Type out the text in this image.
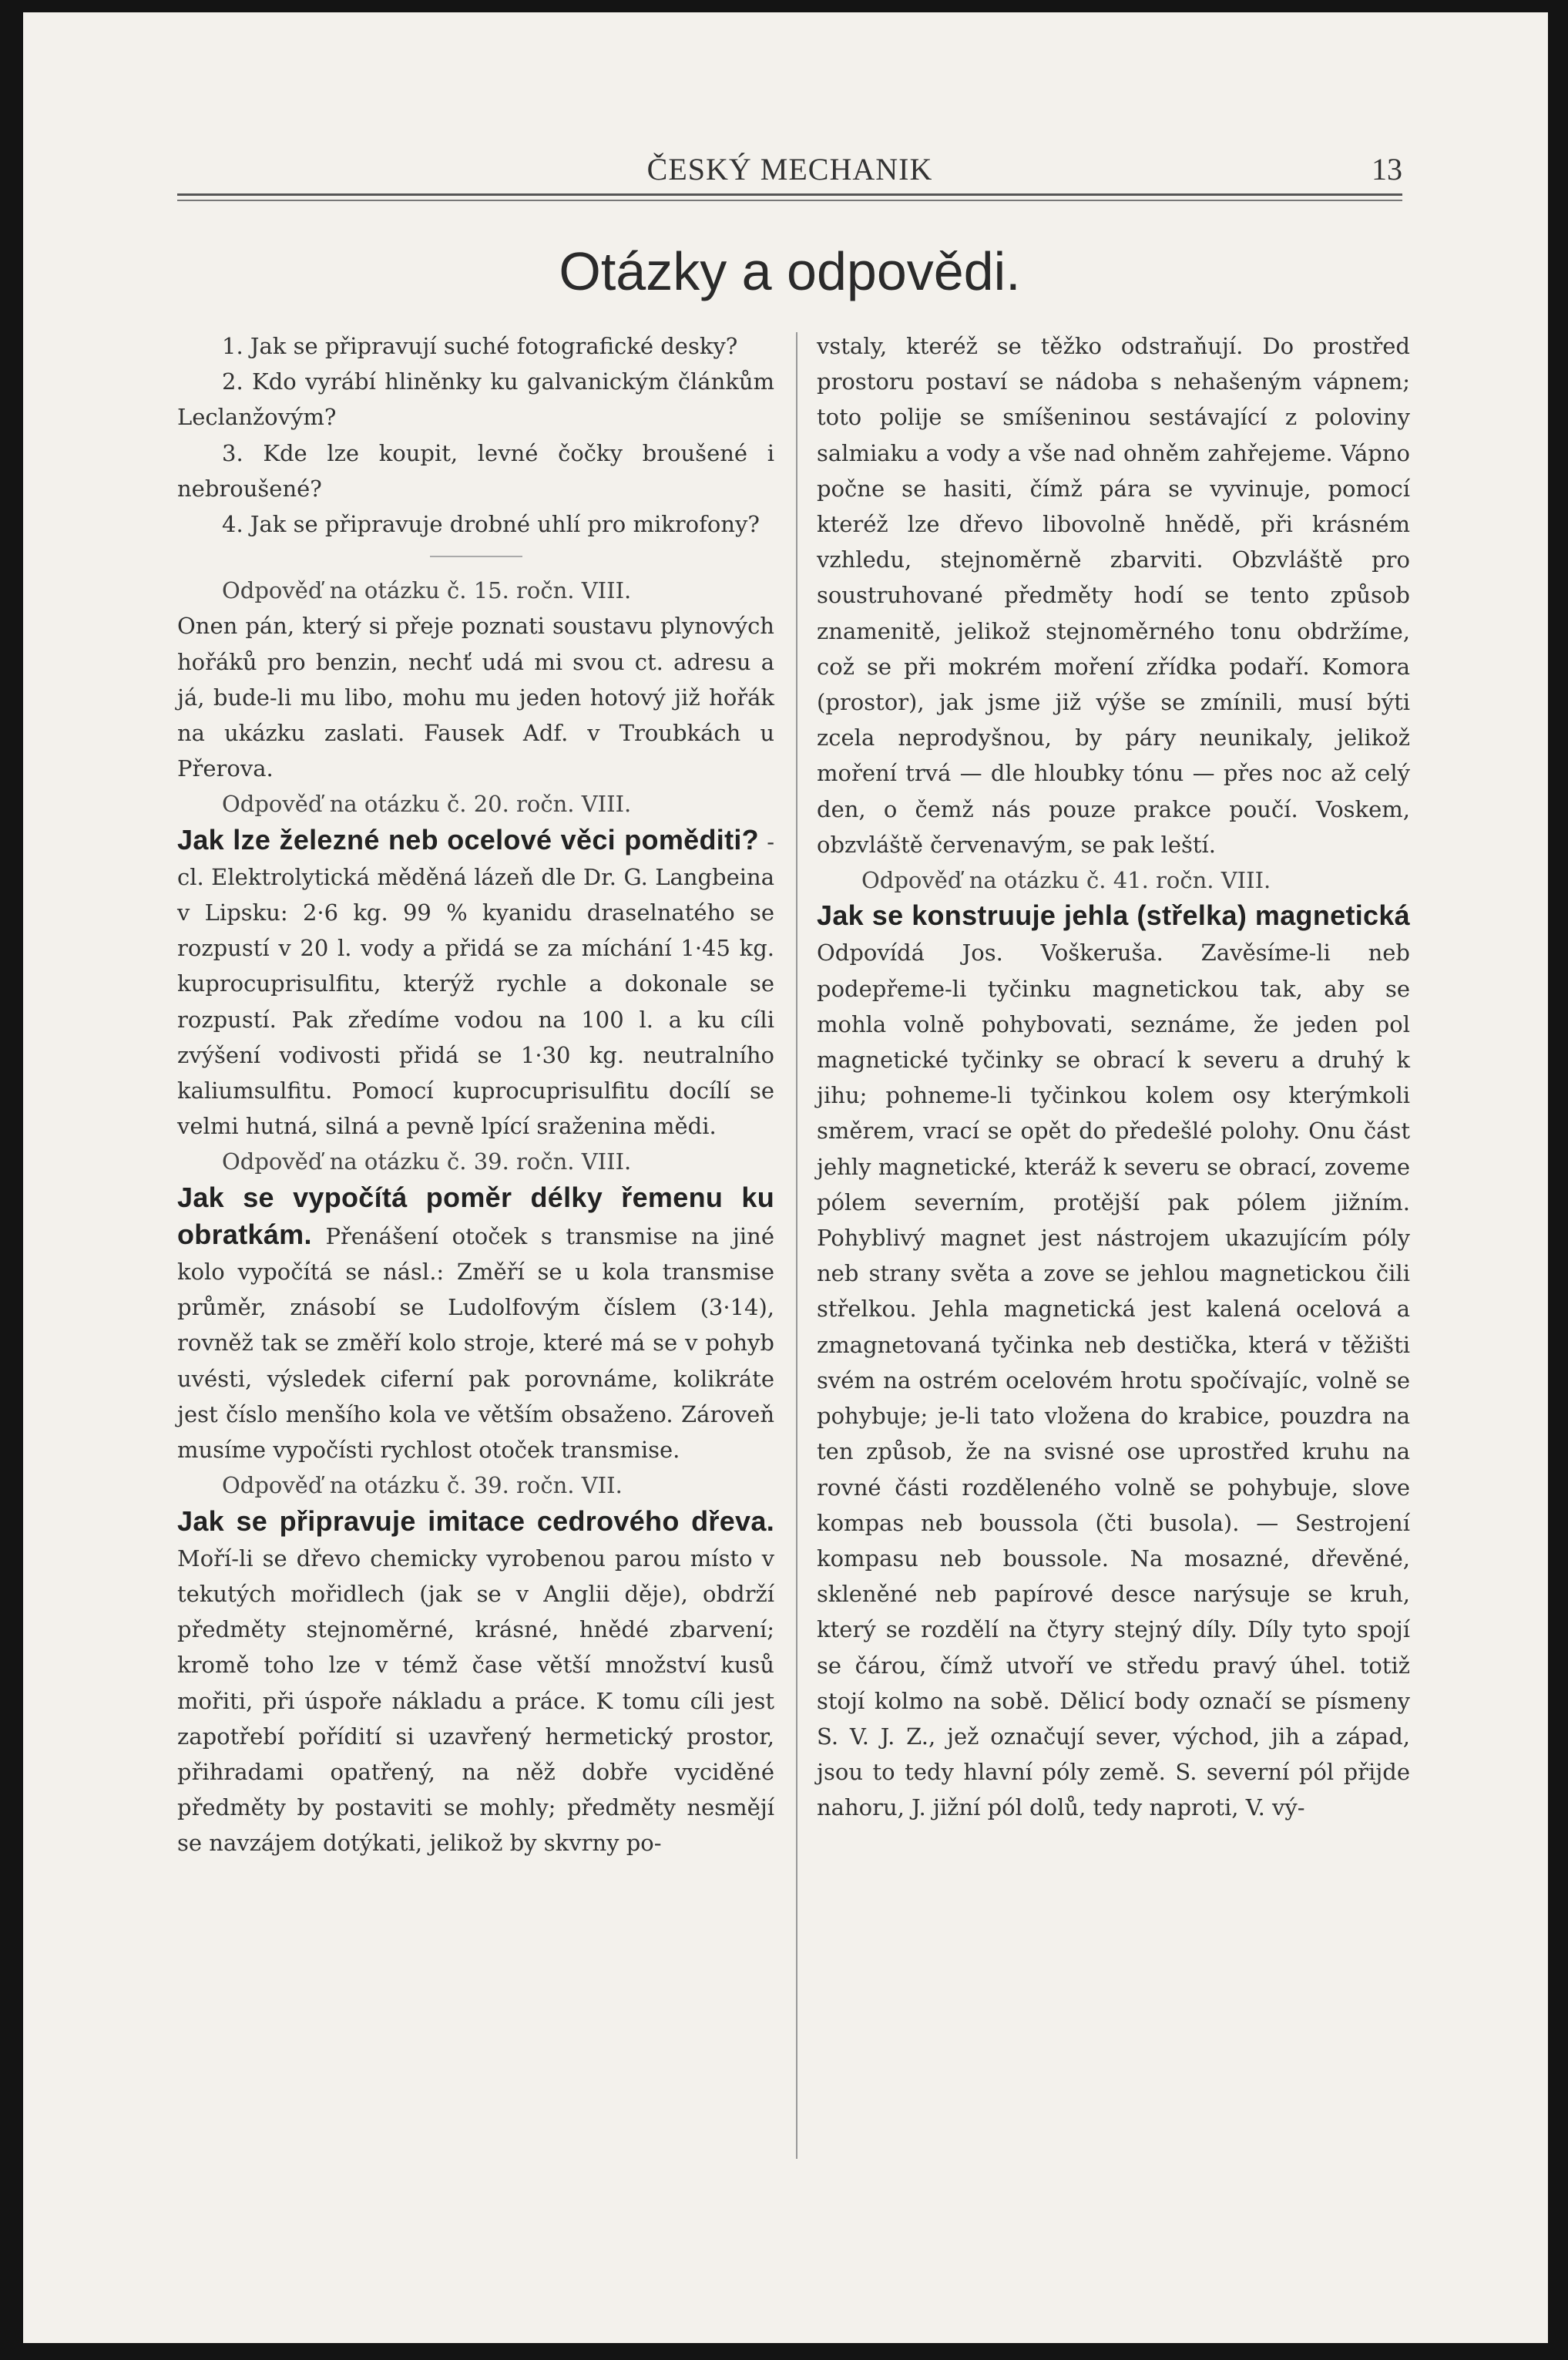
ČESKÝ MECHANIK	13
Otázky a odpovědi.

1. Jak se připravují suché fotografické desky?

2. Kdo vyrábí hliněnky ku galvanickým článkům Leclanžovým?

3. Kde lze koupit, levné čočky broušené i nebroušené?

4. Jak se připravuje drobné uhlí pro mikrofony?

Odpověď na otázku č. 15. ročn. VIII.

Onen pán, který si přeje poznati soustavu plynových hořáků pro benzin, nechť udá mi svou ct. adresu a já, bude-li mu libo, mohu mu jeden hotový již hořák na ukázku zaslati. Fausek Adf. v Troubkách u Přerova.

Odpověď na otázku č. 20. ročn. VIII.

Jak lze železné neb ocelové věci poměditi? -cl. Elektrolytická měděná lázeň dle Dr. G. Langbeina v Lipsku: 2·6 kg. 99 % kyanidu draselnatého se rozpustí v 20 l. vody a přidá se za míchání 1·45 kg. kuprocuprisulfitu, kterýž rychle a dokonale se rozpustí. Pak zředíme vodou na 100 l. a ku cíli zvýšení vodivosti přidá se 1·30 kg. neutralního kaliumsulfitu. Pomocí kuprocuprisulfitu docílí se velmi hutná, silná a pevně lpící sraženina mědi.

Odpověď na otázku č. 39. ročn. VIII.

Jak se vypočítá poměr délky řemenu ku obratkám. Přenášení otoček s transmise na jiné kolo vypočítá se násl.: Změří se u kola transmise průměr, znásobí se Ludolfovým číslem (3·14), rovněž tak se změří kolo stroje, které má se v pohyb uvésti, výsledek ciferní pak porovnáme, kolikráte jest číslo menšího kola ve větším obsaženo. Zároveň musíme vypočísti rychlost otoček transmise.

Odpověď na otázku č. 39. ročn. VII.

Jak se připravuje imitace cedrového dřeva. Moří-li se dřevo chemicky vyrobenou parou místo v tekutých mořidlech (jak se v Anglii děje), obdrží předměty stejnoměrné, krásné, hnědé zbarvení; kromě toho lze v témž čase větší množství kusů mořiti, při úspoře nákladu a práce. K tomu cíli jest zapotřebí pořídití si uzavřený hermetický prostor, přihradami opatřený, na něž dobře vyciděné předměty by postaviti se mohly; předměty nesmějí se navzájem dotýkati, jelikož by skvrny po-

vstaly, kteréž se těžko odstraňují. Do prostřed prostoru postaví se nádoba s nehašeným vápnem; toto polije se smíšeninou sestávající z poloviny salmiaku a vody a vše nad ohněm zahřejeme. Vápno počne se hasiti, čímž pára se vyvinuje, pomocí kteréž lze dřevo libovolně hnědě, při krásném vzhledu, stejnoměrně zbarviti. Obzvláště pro soustruhované předměty hodí se tento způsob znamenitě, jelikož stejnoměrného tonu obdržíme, což se při mokrém moření zřídka podaří. Komora (prostor), jak jsme již výše se zmínili, musí býti zcela neprodyšnou, by páry neunikaly, jelikož moření trvá — dle hloubky tónu — přes noc až celý den, o čemž nás pouze prakce poučí. Voskem, obzvláště červenavým, se pak leští.

Odpověď na otázku č. 41. ročn. VIII.

Jak se konstruuje jehla (střelka) magnetická Odpovídá Jos. Voškeruša. Zavěsíme-li neb podepřeme-li tyčinku magnetickou tak, aby se mohla volně pohybovati, seznáme, že jeden pol magnetické tyčinky se obrací k severu a druhý k jihu; pohneme-li tyčinkou kolem osy kterýmkoli směrem, vrací se opět do předešlé polohy. Onu část jehly magnetické, kteráž k severu se obrací, zoveme pólem severním, protější pak pólem jižním. Pohyblivý magnet jest nástrojem ukazujícím póly neb strany světa a zove se jehlou magnetickou čili střelkou. Jehla magnetická jest kalená ocelová a zmagnetovaná tyčinka neb destička, která v těžišti svém na ostrém ocelovém hrotu spočívajíc, volně se pohybuje; je-li tato vložena do krabice, pouzdra na ten způsob, že na svisné ose uprostřed kruhu na rovné části rozděleného volně se pohybuje, slove kompas neb boussola (čti busola). — Sestrojení kompasu neb boussole. Na mosazné, dřevěné, skleněné neb papírové desce narýsuje se kruh, který se rozdělí na čtyry stejný díly. Díly tyto spojí se čárou, čímž utvoří ve středu pravý úhel. totiž stojí kolmo na sobě. Dělicí body označí se písmeny S. V. J. Z., jež označují sever, východ, jih a západ, jsou to tedy hlavní póly země. S. severní pól přijde nahoru, J. jižní pól dolů, tedy naproti, V. vý-
